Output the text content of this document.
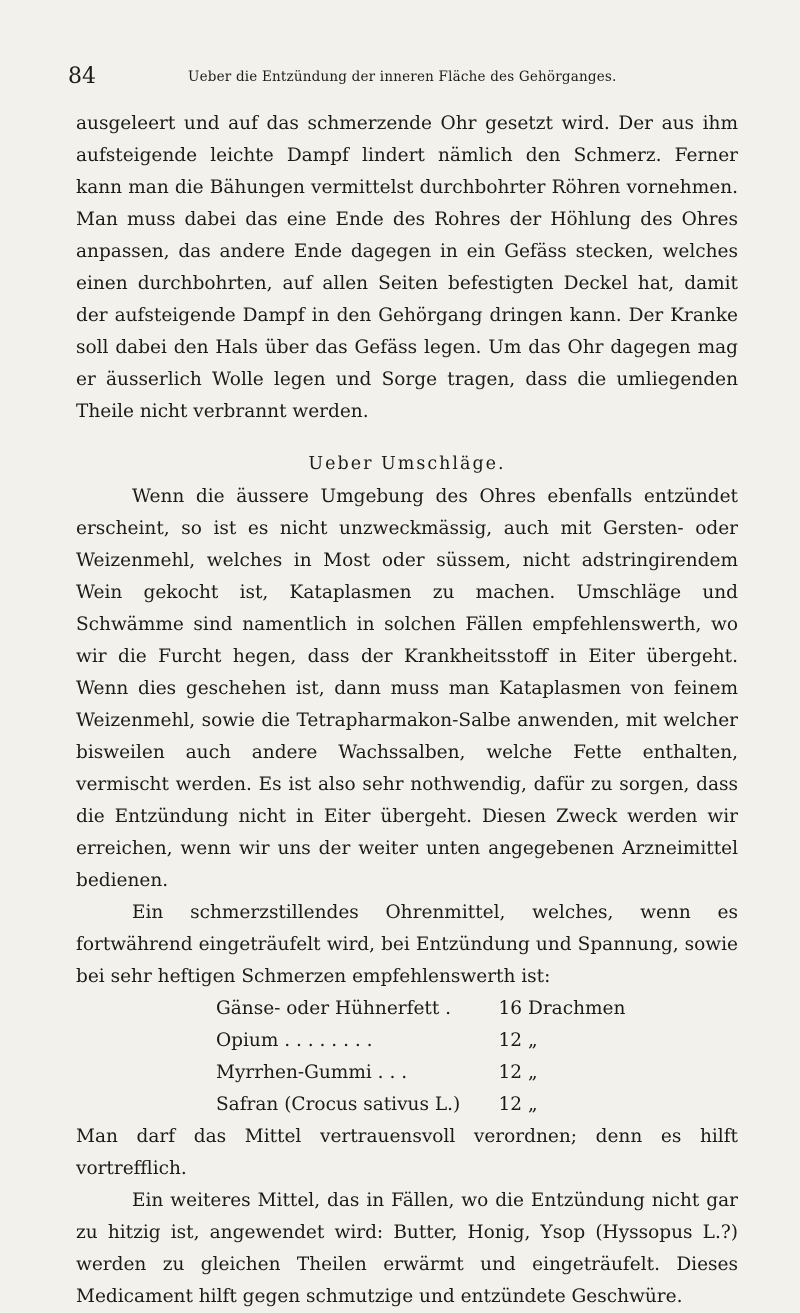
84	Ueber die Entzündung der inneren Fläche des Gehörganges.

ausgeleert und auf das schmerzende Ohr gesetzt wird. Der aus ihm aufsteigende leichte Dampf lindert nämlich den Schmerz. Ferner kann man die Bähungen vermittelst durchbohrter Röhren vornehmen. Man muss dabei das eine Ende des Rohres der Höhlung des Ohres anpassen, das andere Ende dagegen in ein Gefäss stecken, welches einen durchbohrten, auf allen Seiten befestigten Deckel hat, damit der aufsteigende Dampf in den Gehörgang dringen kann. Der Kranke soll dabei den Hals über das Gefäss legen. Um das Ohr dagegen mag er äusserlich Wolle legen und Sorge tragen, dass die umliegenden Theile nicht verbrannt werden.

Ueber Umschläge.

Wenn die äussere Umgebung des Ohres ebenfalls entzündet erscheint, so ist es nicht unzweckmässig, auch mit Gersten- oder Weizenmehl, welches in Most oder süssem, nicht adstringirendem Wein gekocht ist, Kataplasmen zu machen. Umschläge und Schwämme sind namentlich in solchen Fällen empfehlenswerth, wo wir die Furcht hegen, dass der Krankheitsstoff in Eiter übergeht. Wenn dies geschehen ist, dann muss man Kataplasmen von feinem Weizenmehl, sowie die Tetrapharmakon-Salbe anwenden, mit welcher bisweilen auch andere Wachssalben, welche Fette enthalten, vermischt werden. Es ist also sehr nothwendig, dafür zu sorgen, dass die Entzündung nicht in Eiter übergeht. Diesen Zweck werden wir erreichen, wenn wir uns der weiter unten angegebenen Arzneimittel bedienen.

Ein schmerzstillendes Ohrenmittel, welches, wenn es fortwährend eingeträufelt wird, bei Entzündung und Spannung, sowie bei sehr heftigen Schmerzen empfehlenswerth ist:

Gänse- oder Hühnerfett .	16 Drachmen
Opium . . . . . . . .	12 „
Myrrhen-Gummi . . .	12 „
Safran (Crocus sativus L.)	12 „

Man darf das Mittel vertrauensvoll verordnen; denn es hilft vortrefflich.

Ein weiteres Mittel, das in Fällen, wo die Entzündung nicht gar zu hitzig ist, angewendet wird: Butter, Honig, Ysop (Hyssopus L.?) werden zu gleichen Theilen erwärmt und eingeträufelt. Dieses Medicament hilft gegen schmutzige und entzündete Geschwüre.
